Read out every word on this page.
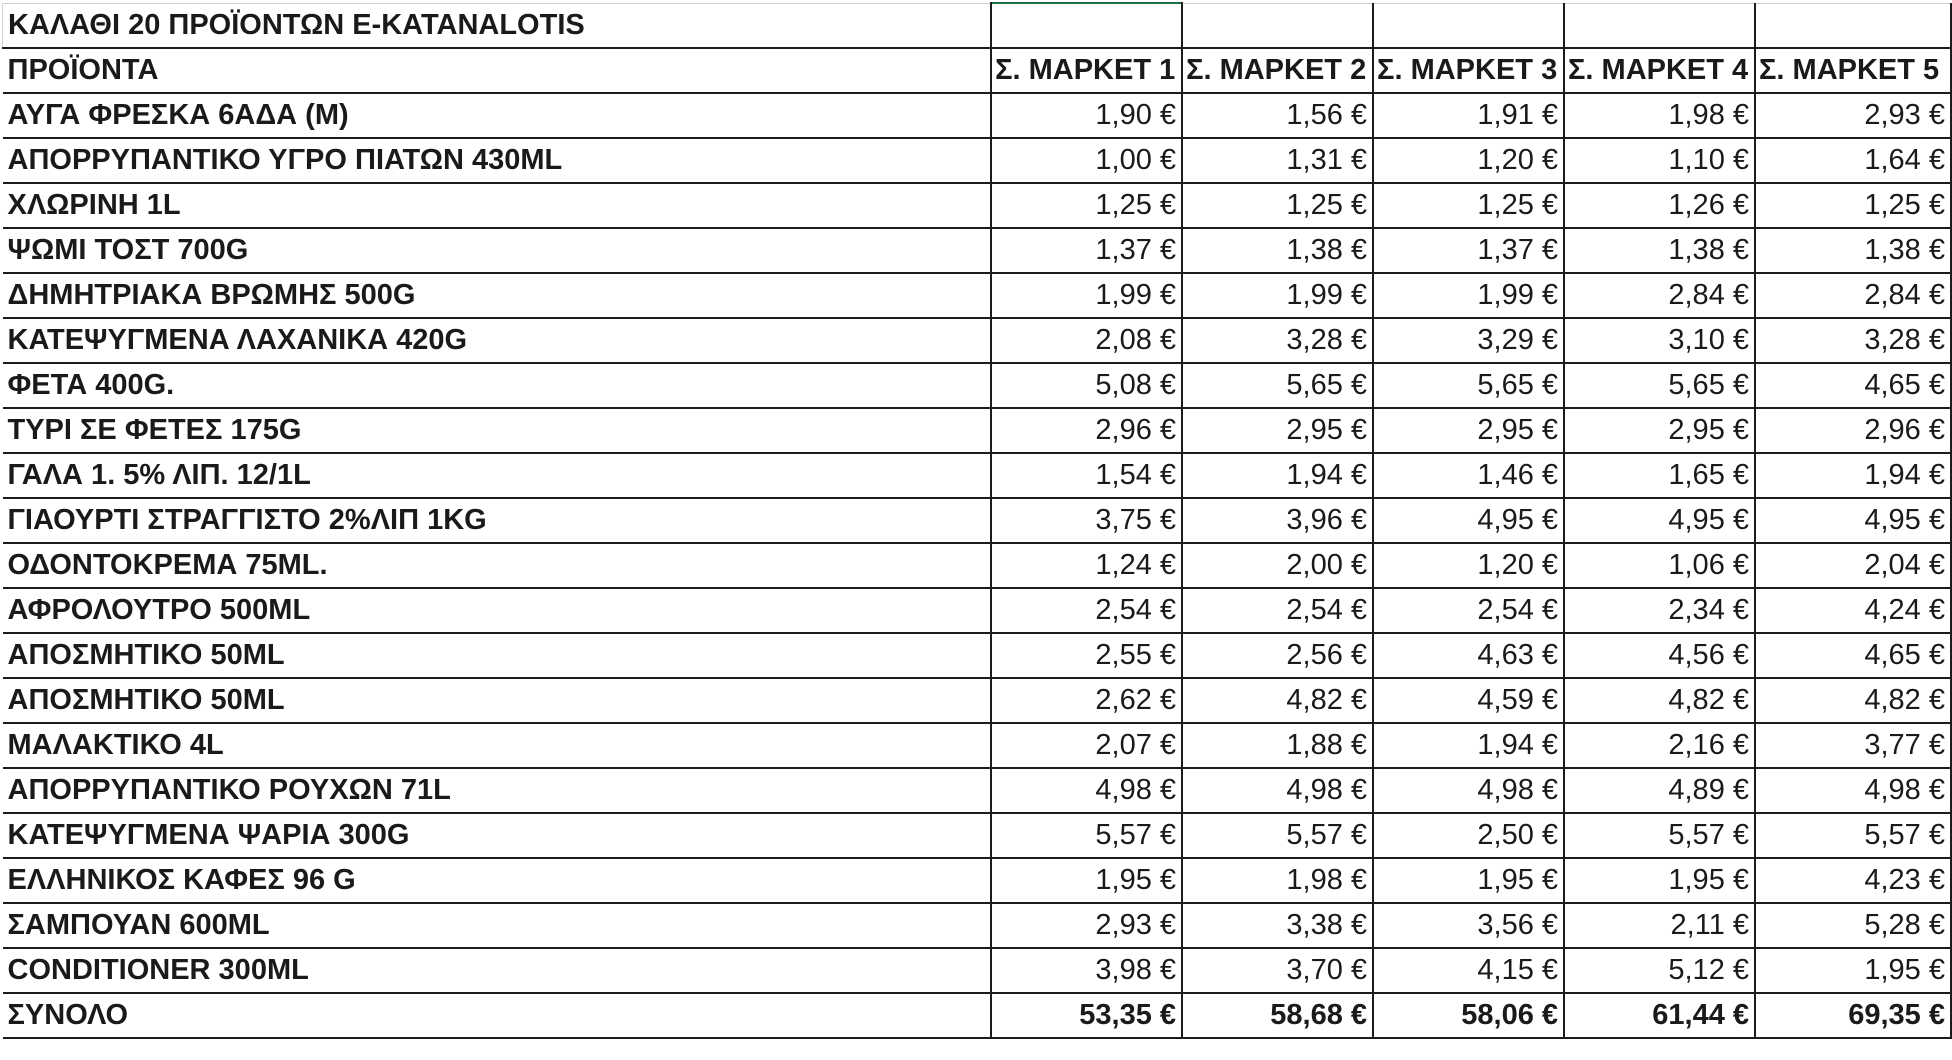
ΚΑΛΑΘΙ 20 ΠΡΟΪΟΝΤΩΝ E-KATANALOTIS					
ΠΡΟΪΟΝΤΑ	Σ. ΜΑΡΚΕΤ 1	Σ. ΜΑΡΚΕΤ 2	Σ. ΜΑΡΚΕΤ 3	Σ. ΜΑΡΚΕΤ 4	Σ. ΜΑΡΚΕΤ 5
ΑΥΓΑ ΦΡΕΣΚΑ 6ΑΔΑ (Μ)	1,90 €	1,56 €	1,91 €	1,98 €	2,93 €
ΑΠΟΡΡΥΠΑΝΤΙΚΟ ΥΓΡΟ ΠΙΑΤΩΝ 430ML	1,00 €	1,31 €	1,20 €	1,10 €	1,64 €
ΧΛΩΡΙΝΗ 1L	1,25 €	1,25 €	1,25 €	1,26 €	1,25 €
ΨΩΜΙ ΤΟΣΤ 700G	1,37 €	1,38 €	1,37 €	1,38 €	1,38 €
ΔΗΜΗΤΡΙΑΚΑ ΒΡΩΜΗΣ 500G	1,99 €	1,99 €	1,99 €	2,84 €	2,84 €
ΚΑΤΕΨΥΓΜΕΝΑ ΛΑΧΑΝΙΚΑ 420G	2,08 €	3,28 €	3,29 €	3,10 €	3,28 €
ΦΕΤΑ 400G.	5,08 €	5,65 €	5,65 €	5,65 €	4,65 €
ΤΥΡΙ ΣΕ ΦΕΤΕΣ 175G	2,96 €	2,95 €	2,95 €	2,95 €	2,96 €
ΓΑΛΑ 1. 5% ΛΙΠ. 12/1L	1,54 €	1,94 €	1,46 €	1,65 €	1,94 €
ΓΙΑΟΥΡΤΙ ΣΤΡΑΓΓΙΣΤΟ 2%ΛΙΠ 1KG	3,75 €	3,96 €	4,95 €	4,95 €	4,95 €
ΟΔΟΝΤΟΚΡΕΜΑ 75ML.	1,24 €	2,00 €	1,20 €	1,06 €	2,04 €
ΑΦΡΟΛΟΥΤΡΟ 500ML	2,54 €	2,54 €	2,54 €	2,34 €	4,24 €
ΑΠΟΣΜΗΤΙΚΟ 50ML	2,55 €	2,56 €	4,63 €	4,56 €	4,65 €
ΑΠΟΣΜΗΤΙΚΟ 50ML	2,62 €	4,82 €	4,59 €	4,82 €	4,82 €
ΜΑΛΑΚΤΙΚΟ 4L	2,07 €	1,88 €	1,94 €	2,16 €	3,77 €
ΑΠΟΡΡΥΠΑΝΤΙΚΟ ΡΟΥΧΩΝ 71L	4,98 €	4,98 €	4,98 €	4,89 €	4,98 €
ΚΑΤΕΨΥΓΜΕΝΑ ΨΑΡΙΑ 300G	5,57 €	5,57 €	2,50 €	5,57 €	5,57 €
ΕΛΛΗΝΙΚΟΣ ΚΑΦΕΣ 96 G	1,95 €	1,98 €	1,95 €	1,95 €	4,23 €
ΣΑΜΠΟΥΑΝ 600ML	2,93 €	3,38 €	3,56 €	2,11 €	5,28 €
CONDITIONER 300ML	3,98 €	3,70 €	4,15 €	5,12 €	1,95 €
ΣΥΝΟΛΟ	53,35 €	58,68 €	58,06 €	61,44 €	69,35 €
